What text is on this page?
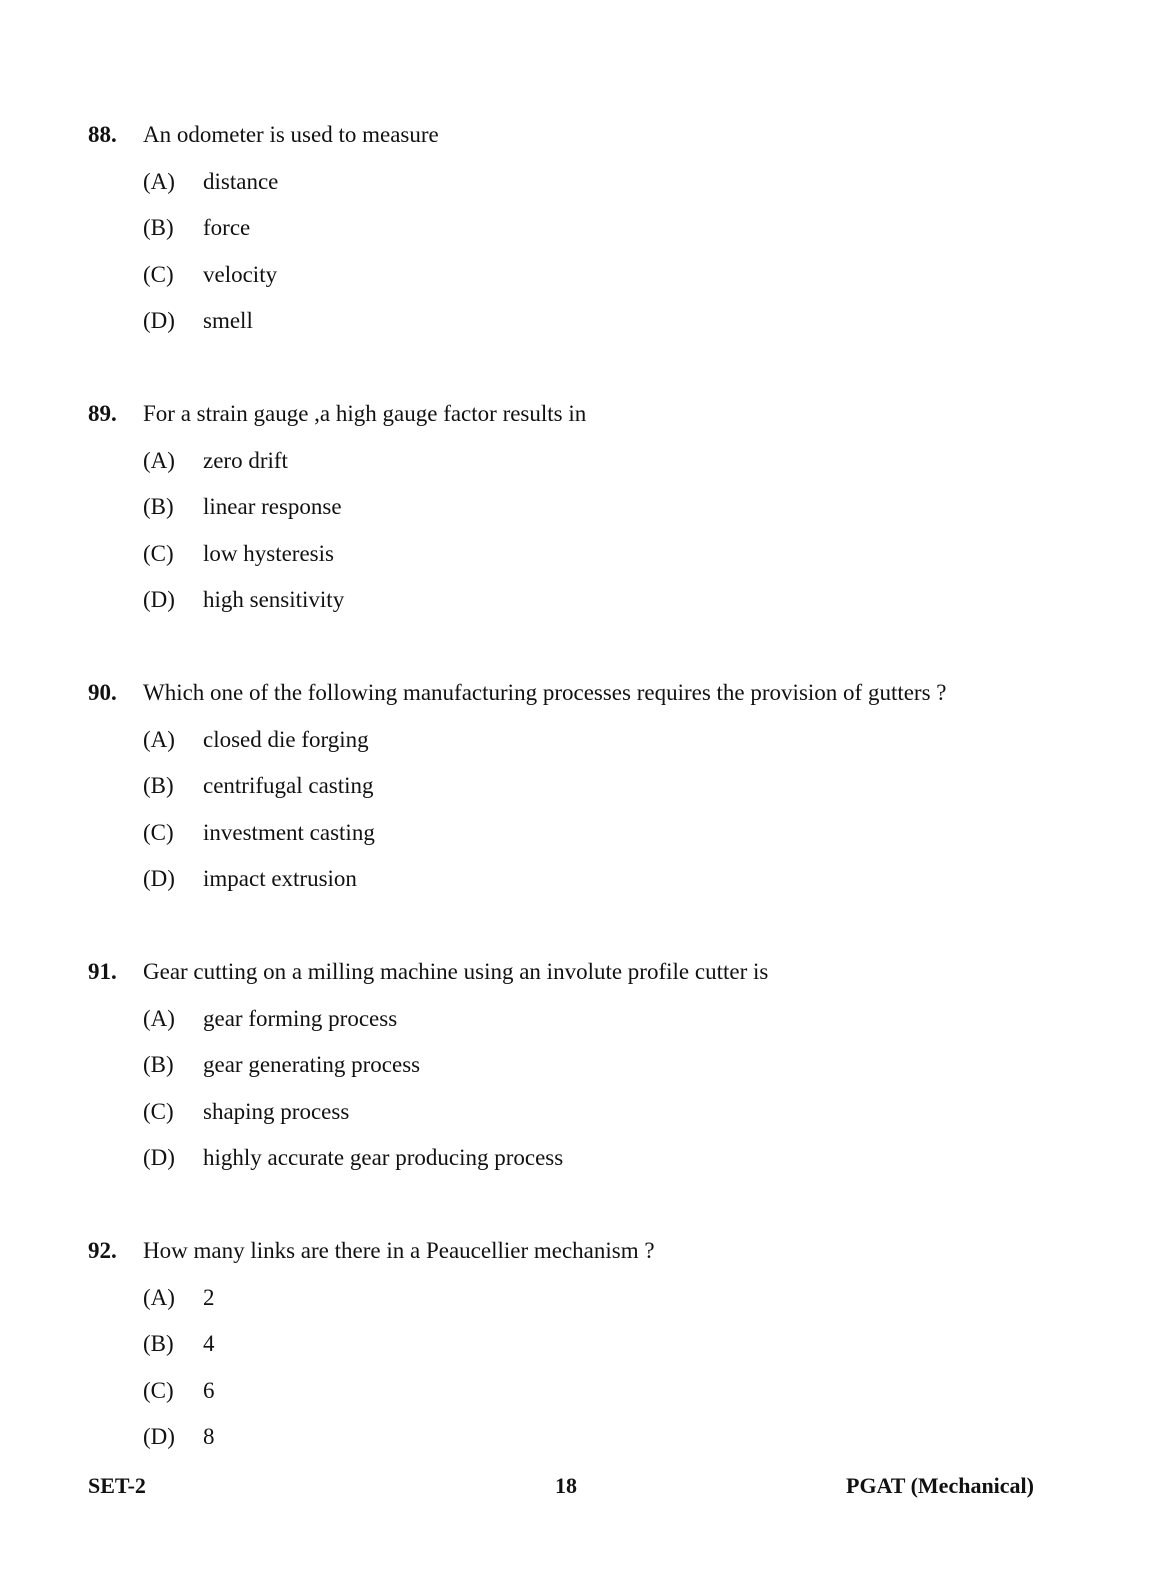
88. An odometer is used to measure
(A) distance
(B) force
(C) velocity
(D) smell
89. For a strain gauge ,a high gauge factor results in
(A) zero drift
(B) linear response
(C) low hysteresis
(D) high sensitivity
90. Which one of the following manufacturing processes requires the provision of gutters ?
(A) closed die forging
(B) centrifugal casting
(C) investment casting
(D) impact extrusion
91. Gear cutting on a milling machine using an involute profile cutter is
(A) gear forming process
(B) gear generating process
(C) shaping process
(D) highly accurate gear producing process
92. How many links are there in a Peaucellier mechanism ?
(A) 2
(B) 4
(C) 6
(D) 8
SET-2	18	PGAT (Mechanical)
